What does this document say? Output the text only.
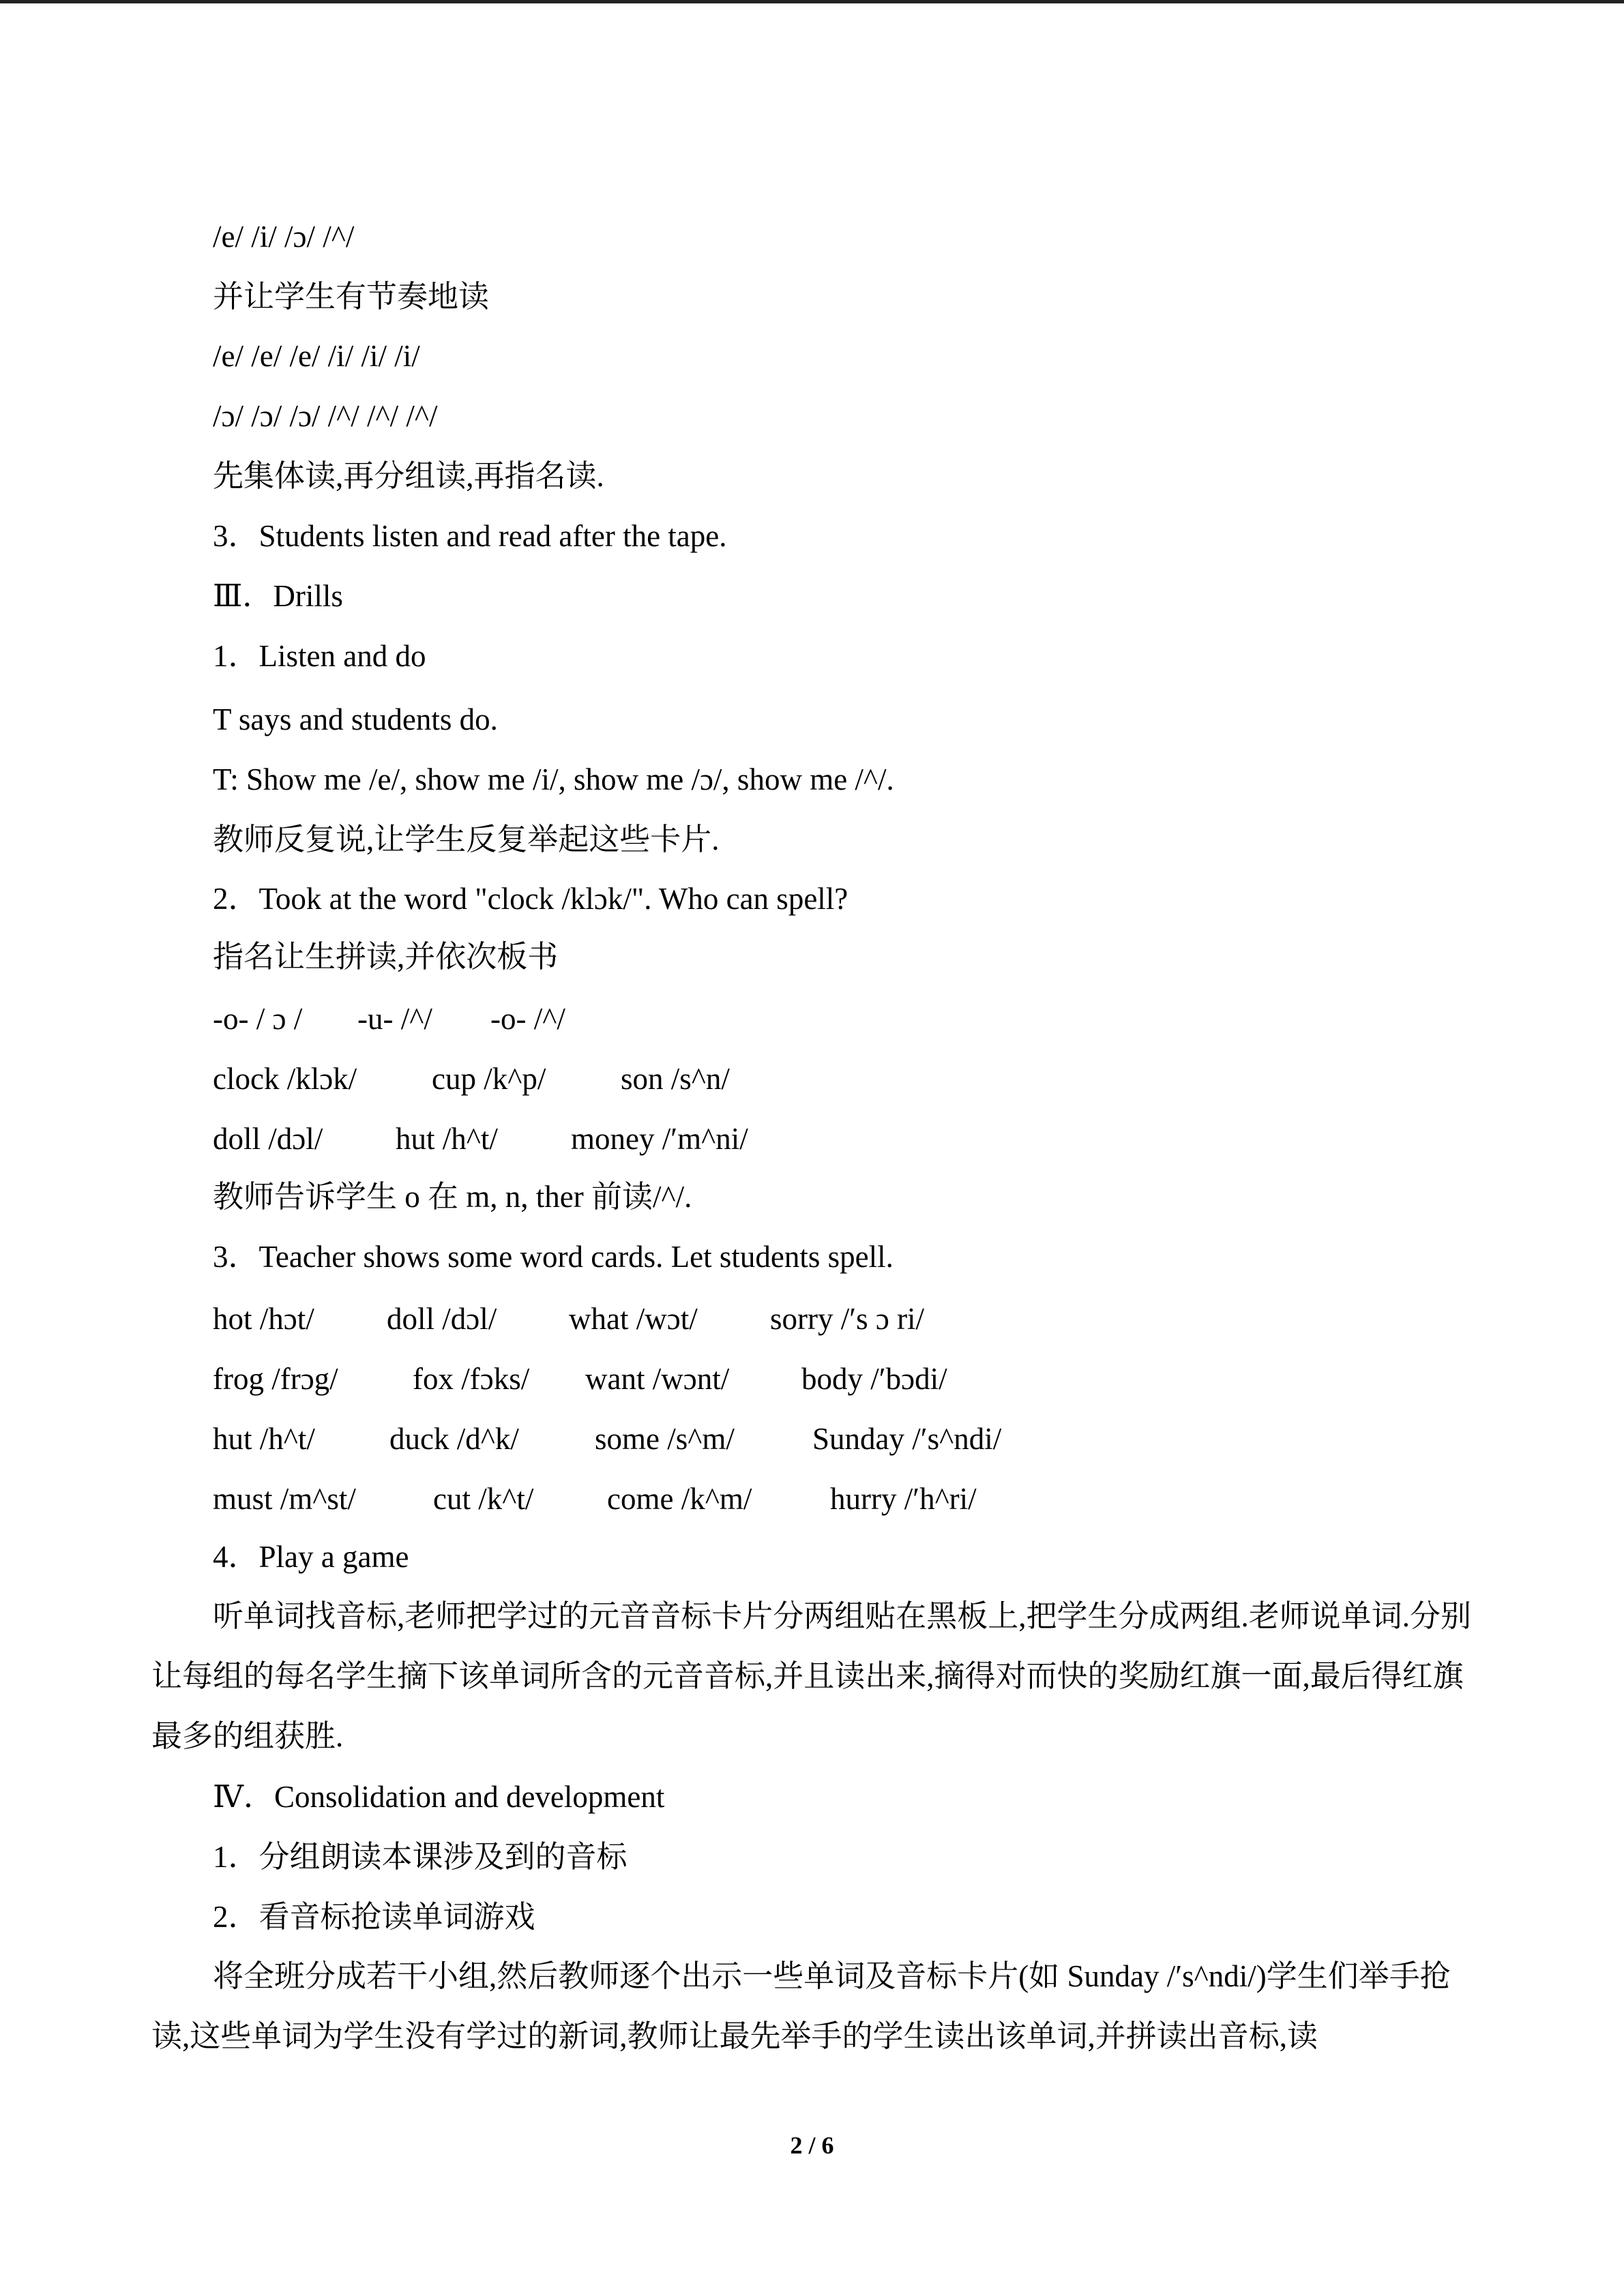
/e/ /i/ /ɔ/ /^/
并让学生有节奏地读
/e/ /e/ /e/ /i/ /i/ /i/
/ɔ/ /ɔ/ /ɔ/ /^/ /^/ /^/
先集体读,再分组读,再指名读.
3．Students listen and read after the tape.
Ⅲ．Drills
1．Listen and do
T says and students do.
T: Show me /e/, show me /i/, show me /ɔ/, show me /^/.
教师反复说,让学生反复举起这些卡片.
2．Took at the word "clock /klɔk/". Who can spell?
指名让生拼读,并依次板书
-o- / ɔ / -u- /^/ -o- /^/
clock /klɔk/ cup /k^p/ son /s^n/
doll /dɔl/ hut /h^t/ money /′m^ni/
教师告诉学生 o 在 m, n, ther 前读/^/.
3．Teacher shows some word cards. Let students spell.
hot /hɔt/ doll /dɔl/ what /wɔt/ sorry /′s ɔ ri/
frog /frɔg/ fox /fɔks/ want /wɔnt/ body /′bɔdi/
hut /h^t/ duck /d^k/ some /s^m/	Sunday /′s^ndi/
must /m^st/	cut /k^t/ come /k^m/	hurry /′h^ri/
4．Play a game
听单词找音标,老师把学过的元音音标卡片分两组贴在黑板上,把学生分成两组.老师说单词.分别让每组的每名学生摘下该单词所含的元音音标,并且读出来,摘得对而快的奖励红旗一面,最后得红旗最多的组获胜.
Ⅳ．Consolidation and development
1．分组朗读本课涉及到的音标
2．看音标抢读单词游戏
将全班分成若干小组,然后教师逐个出示一些单词及音标卡片(如 Sunday /′s^ndi/)学生们举手抢读,这些单词为学生没有学过的新词,教师让最先举手的学生读出该单词,并拼读出音标,读
2 / 6
